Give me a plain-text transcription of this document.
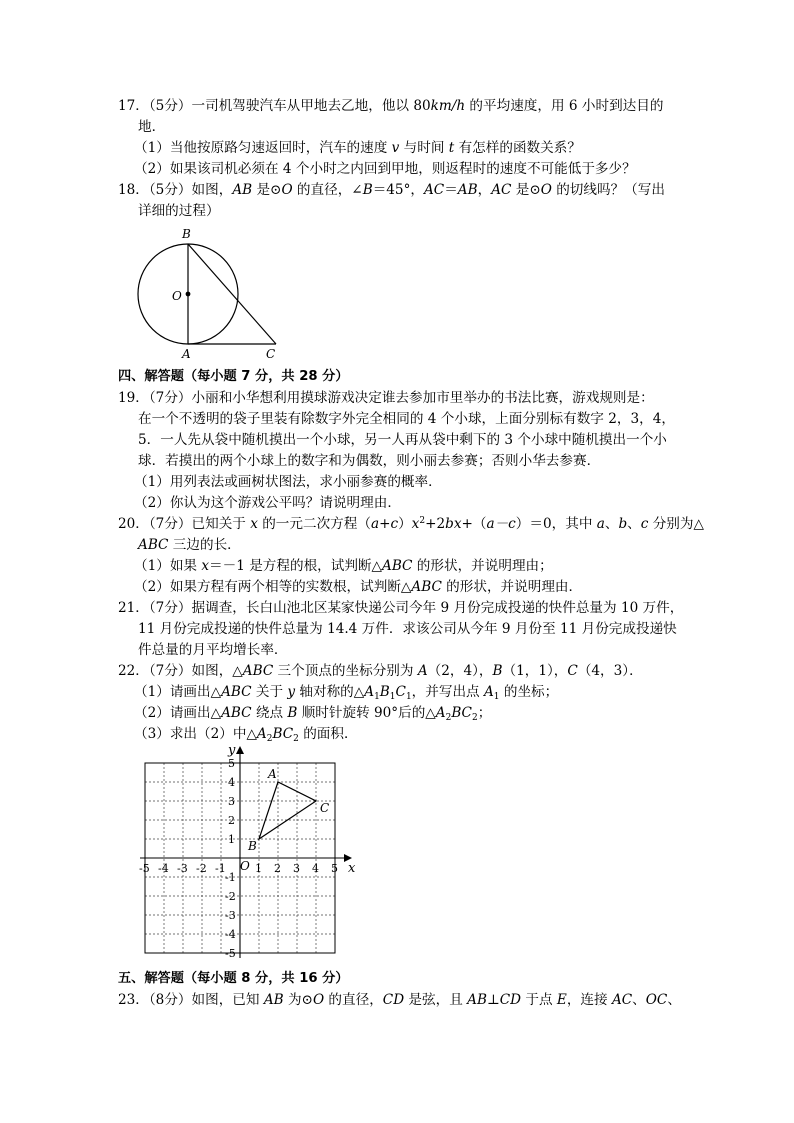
17．（5分）一司机驾驶汽车从甲地去乙地，他以 80km/h 的平均速度，用 6 小时到达目的
地．
（1）当他按原路匀速返回时，汽车的速度 v 与时间 t 有怎样的函数关系？
（2）如果该司机必须在 4 个小时之内回到甲地，则返程时的速度不可能低于多少？
18．（5分）如图，AB 是⊙O 的直径，∠B＝45°，AC＝AB，AC 是⊙O 的切线吗？（写出
详细的过程）
B
O
A	C
四、解答题（每小题 7 分，共 28 分）
19．（7分）小丽和小华想利用摸球游戏决定谁去参加市里举办的书法比赛，游戏规则是：
在一个不透明的袋子里装有除数字外完全相同的 4 个小球，上面分别标有数字 2，3，4，
5．一人先从袋中随机摸出一个小球，另一人再从袋中剩下的 3 个小球中随机摸出一个小
球．若摸出的两个小球上的数字和为偶数，则小丽去参赛；否则小华去参赛．
（1）用列表法或画树状图法，求小丽参赛的概率．
（2）你认为这个游戏公平吗？请说明理由．
20．（7分）已知关于 x 的一元二次方程$(a+c)x^2+2bx+(a-c)=0$，其中 a、b、c 分别为△
ABC 三边的长．
（1）如果 x＝－1 是方程的根，试判断△ABC 的形状，并说明理由；
（2）如果方程有两个相等的实数根，试判断△ABC 的形状，并说明理由．
21．（7分）据调查，长白山池北区某家快递公司今年 9 月份完成投递的快件总量为 10 万件，
11 月份完成投递的快件总量为 14.4 万件．求该公司从今年 9 月份至 11 月份完成投递快
件总量的月平均增长率．
22．（7分）如图，△ABC 三个顶点的坐标分别为 A（2，4），B（1，1），C（4，3）．
（1）请画出△ABC 关于 y 轴对称的$\triangle A_1B_1C_1$，并写出点 $A_1$ 的坐标；
（2）请画出△ABC 绕点 B 顺时针旋转 90°后的$\triangle A_2BC_2$；
（3）求出（2）中$\triangle A_2BC_2$ 的面积．
x
y
O
-5 -4 -3 -2 -1	1 2 3 4 5
5
4
3
2
1
-1
-2
-3
-4
-5
A
B
C
五、解答题（每小题 8 分，共 16 分）
23．（8分）如图，已知 AB 为⊙O 的直径，CD 是弦，且 AB⊥CD 于点 E，连接 AC、OC、
